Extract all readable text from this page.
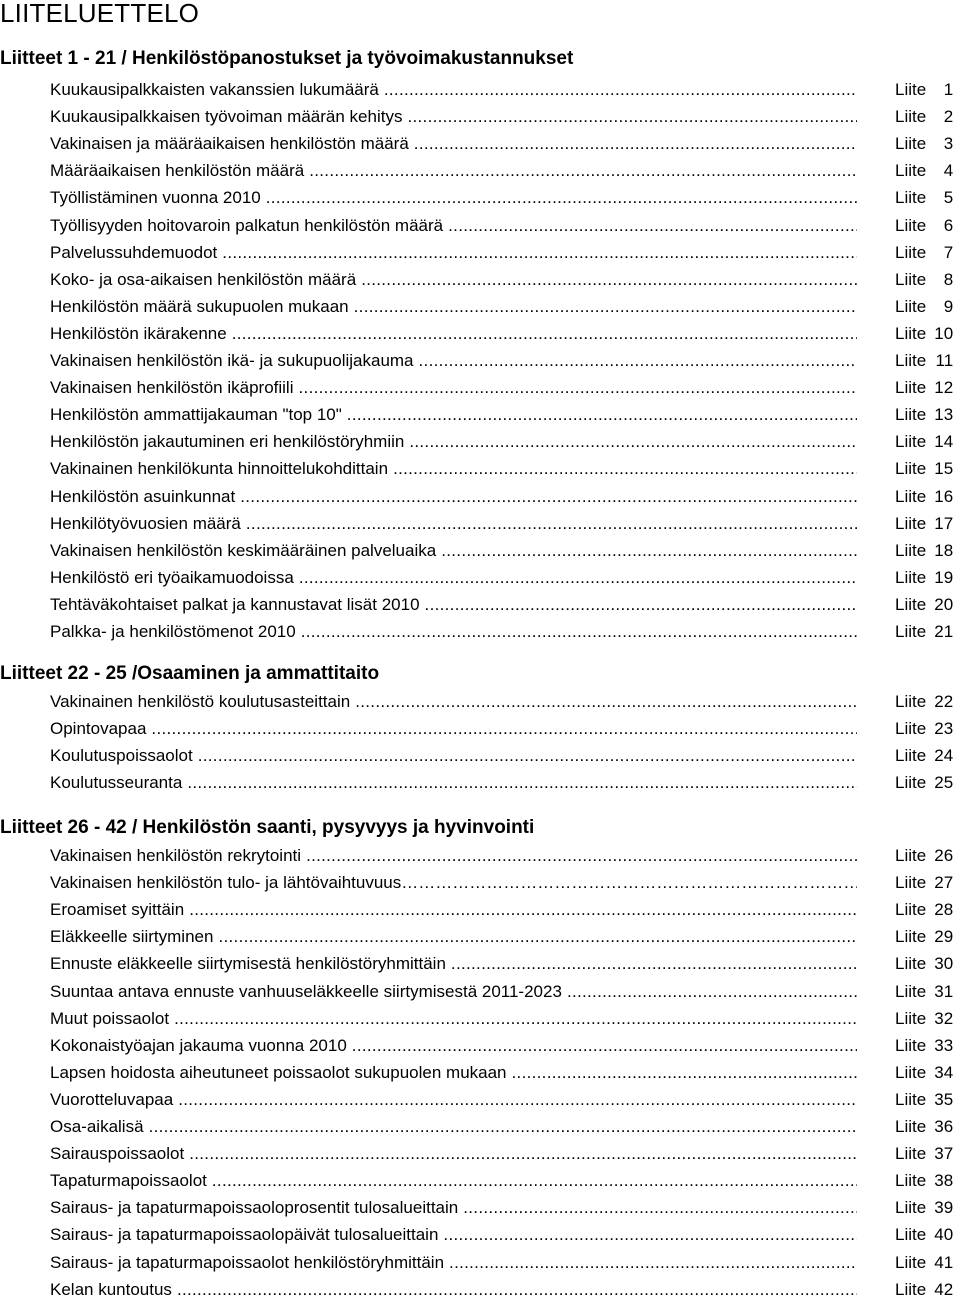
LIITELUETTELO
Liitteet 1 - 21 / Henkilöstöpanostukset ja työvoimakustannukset
Kuukausipalkkaisten vakanssien lukumäärä .....	Liite 1
Kuukausipalkkaisen työvoiman määrän kehitys .....	Liite 2
Vakinaisen ja määräaikaisen henkilöstön määrä .....	Liite 3
Määräaikaisen henkilöstön määrä .....	Liite 4
Työllistäminen vuonna 2010 .....	Liite 5
Työllisyyden hoitovaroin palkatun henkilöstön määrä .....	Liite 6
Palvelussuhdemuodot .....	Liite 7
Koko- ja osa-aikaisen henkilöstön määrä .....	Liite 8
Henkilöstön määrä sukupuolen mukaan .....	Liite 9
Henkilöstön ikärakenne .....	Liite 10
Vakinaisen henkilöstön ikä- ja sukupuolijakauma .....	Liite 11
Vakinaisen henkilöstön ikäprofiili .....	Liite 12
Henkilöstön ammattijakauman "top 10" .....	Liite 13
Henkilöstön jakautuminen eri henkilöstöryhmiin .....	Liite 14
Vakinainen henkilökunta hinnoittelukohdittain .....	Liite 15
Henkilöstön asuinkunnat .....	Liite 16
Henkilötyövuosien määrä .....	Liite 17
Vakinaisen henkilöstön keskimääräinen palveluaika .....	Liite 18
Henkilöstö eri työaikamuodoissa .....	Liite 19
Tehtäväkohtaiset palkat ja kannustavat lisät 2010 .....	Liite 20
Palkka- ja henkilöstömenot 2010 .....	Liite 21
Liitteet 22 - 25 /Osaaminen ja ammattitaito
Vakinainen henkilöstö koulutusasteittain .....	Liite 22
Opintovapaa .....	Liite 23
Koulutuspoissaolot .....	Liite 24
Koulutusseuranta .....	Liite 25
Liitteet 26 - 42 / Henkilöstön saanti, pysyvyys ja hyvinvointi
Vakinaisen henkilöstön rekrytointi .....	Liite 26
Vakinaisen henkilöstön tulo- ja lähtövaihtuvuus ………………………………………………………………………………………………………………………………	Liite 27
Eroamiset syittäin .....	Liite 28
Eläkkeelle siirtyminen .....	Liite 29
Ennuste eläkkeelle siirtymisestä henkilöstöryhmittäin .....	Liite 30
Suuntaa antava ennuste vanhuuseläkkeelle siirtymisestä 2011-2023 .....	Liite 31
Muut poissaolot .....	Liite 32
Kokonaistyöajan jakauma vuonna 2010 .....	Liite 33
Lapsen hoidosta aiheutuneet poissaolot sukupuolen mukaan .....	Liite 34
Vuorotteluvapaa .....	Liite 35
Osa-aikalisä .....	Liite 36
Sairauspoissaolot .....	Liite 37
Tapaturmapoissaolot .....	Liite 38
Sairaus- ja tapaturmapoissaoloprosentit tulosalueittain .....	Liite 39
Sairaus- ja tapaturmapoissaolopäivät tulosalueittain .....	Liite 40
Sairaus- ja tapaturmapoissaolot henkilöstöryhmittäin .....	Liite 41
Kelan kuntoutus .....	Liite 42
